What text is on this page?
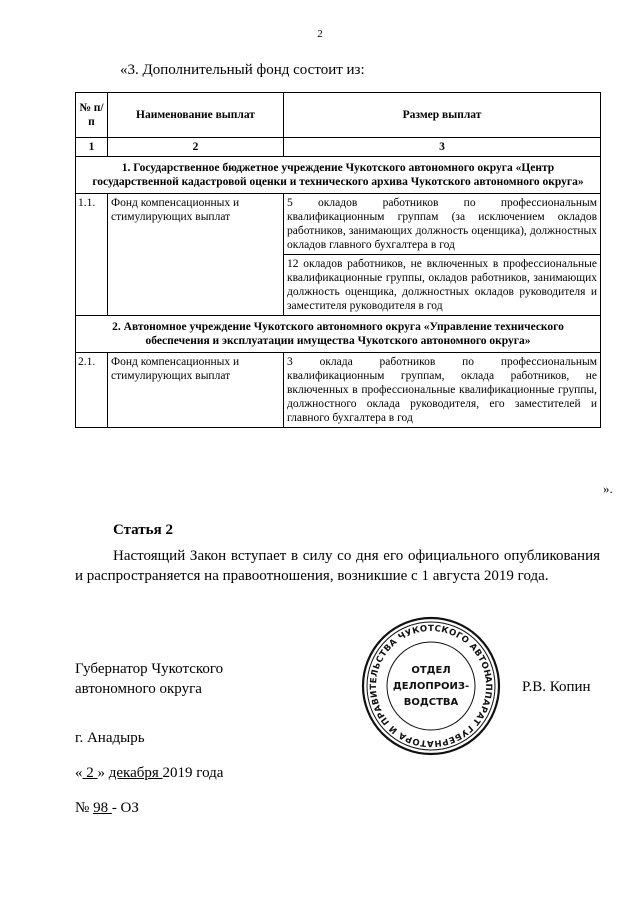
2
«3. Дополнительный фонд состоит из:
№ п/п	Наименование выплат	Размер выплат
1	2	3
1. Государственное бюджетное учреждение Чукотского автономного округа «Центр государственной кадастровой оценки и технического архива Чукотского автономного округа»		
1.1.	Фонд компенсационных и стимулирующих выплат	5 окладов работников по профессиональным квалификационным группам (за исключением окладов работников, занимающих должность оценщика), должностных окладов главного бухгалтера в год
		12 окладов работников, не включенных в профессиональные квалификационные группы, окладов работников, занимающих должность оценщика, должностных окладов руководителя и заместителя руководителя в год
2. Автономное учреждение Чукотского автономного округа «Управление технического обеспечения и эксплуатации имущества Чукотского автономного округа»		
2.1.	Фонд компенсационных и стимулирующих выплат	3 оклада работников по профессиональным квалификационным группам, оклада работников, не включенных в профессиональные квалификационные группы, должностного оклада руководителя, его заместителей и главного бухгалтера в год
».
Статья 2
Настоящий Закон вступает в силу со дня его официального опубликования и распространяется на правоотношения, возникшие с 1 августа 2019 года.
Губернатор Чукотского
автономного округа	Р.В. Копин
АППАРАТ ГУБЕРНАТОРА И ПРАВИТЕЛЬСТВА ЧУКОТСКОГО АВТОНОМНОГО
ОТДЕЛ
ДЕЛОПРОИЗ-
ВОДСТВА
г. Анадырь
« 2 » декабря 2019 года
№ 98 - ОЗ
